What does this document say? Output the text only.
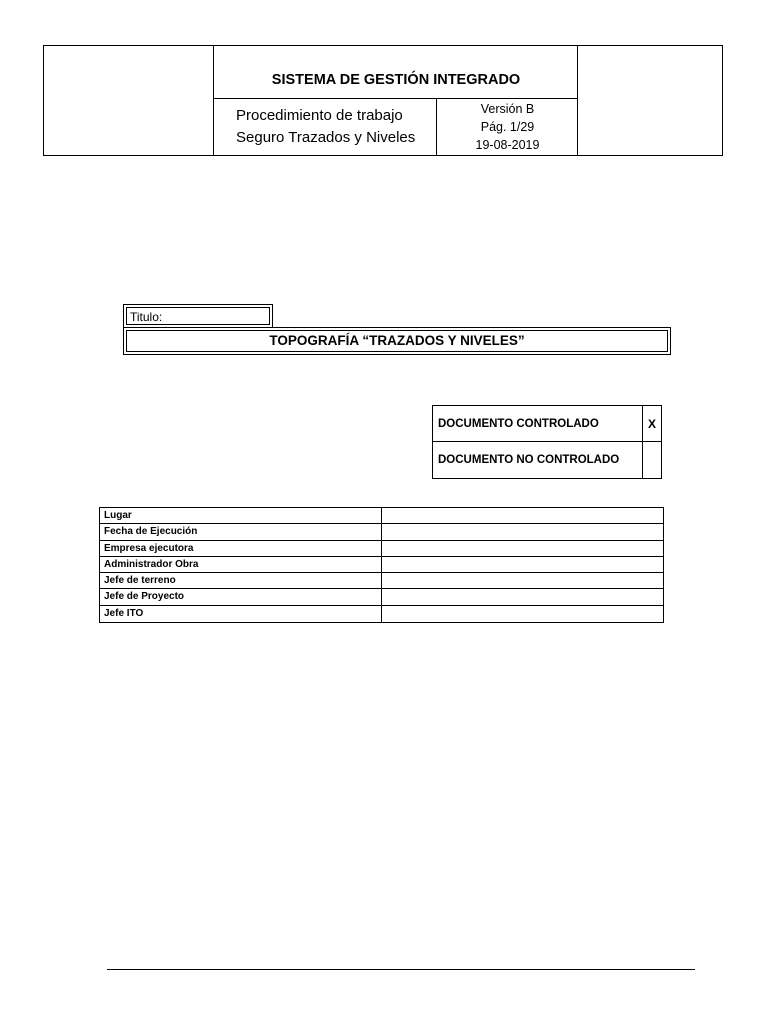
SISTEMA DE GESTIÓN INTEGRADO
Procedimiento de trabajo
Seguro Trazados y Niveles
Versión B
Pág. 1/29
19-08-2019
Titulo:
TOPOGRAFÍA “TRAZADOS Y NIVELES”
DOCUMENTO CONTROLADO	X
DOCUMENTO NO CONTROLADO
Lugar
Fecha de Ejecución
Empresa ejecutora
Administrador Obra
Jefe de terreno
Jefe de Proyecto
Jefe ITO
